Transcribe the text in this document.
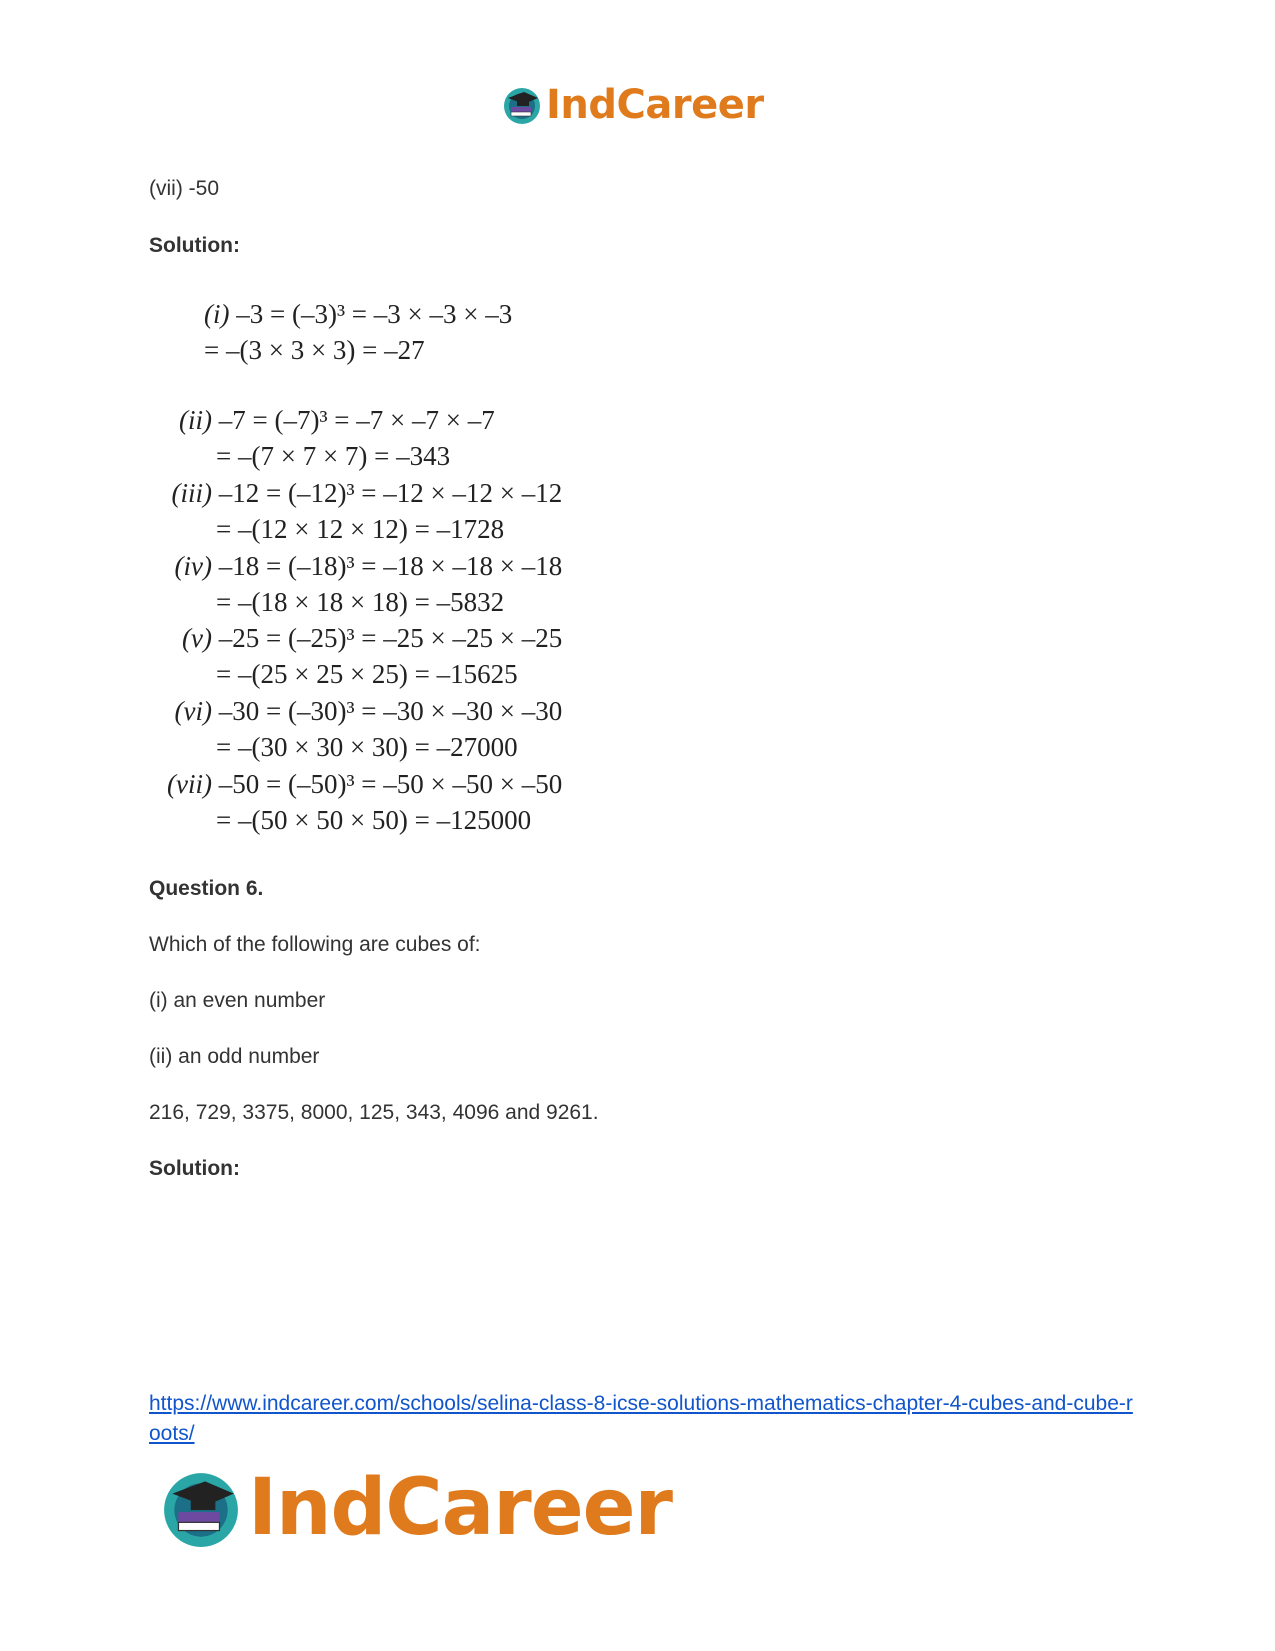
IndCareer
(vii) -50
Solution:
(i) –3 = (–3)³ = –3 × –3 × –3
= –(3 × 3 × 3) = –27
(ii) –7 = (–7)³ = –7 × –7 × –7
= –(7 × 7 × 7) = –343
(iii) –12 = (–12)³ = –12 × –12 × –12
= –(12 × 12 × 12) = –1728
(iv) –18 = (–18)³ = –18 × –18 × –18
= –(18 × 18 × 18) = –5832
(v) –25 = (–25)³ = –25 × –25 × –25
= –(25 × 25 × 25) = –15625
(vi) –30 = (–30)³ = –30 × –30 × –30
= –(30 × 30 × 30) = –27000
(vii) –50 = (–50)³ = –50 × –50 × –50
= –(50 × 50 × 50) = –125000
Question 6.
Which of the following are cubes of:
(i) an even number
(ii) an odd number
216, 729, 3375, 8000, 125, 343, 4096 and 9261.
Solution:
https://www.indcareer.com/schools/selina-class-8-icse-solutions-mathematics-chapter-4-cubes-and-cube-roots/
IndCareer
